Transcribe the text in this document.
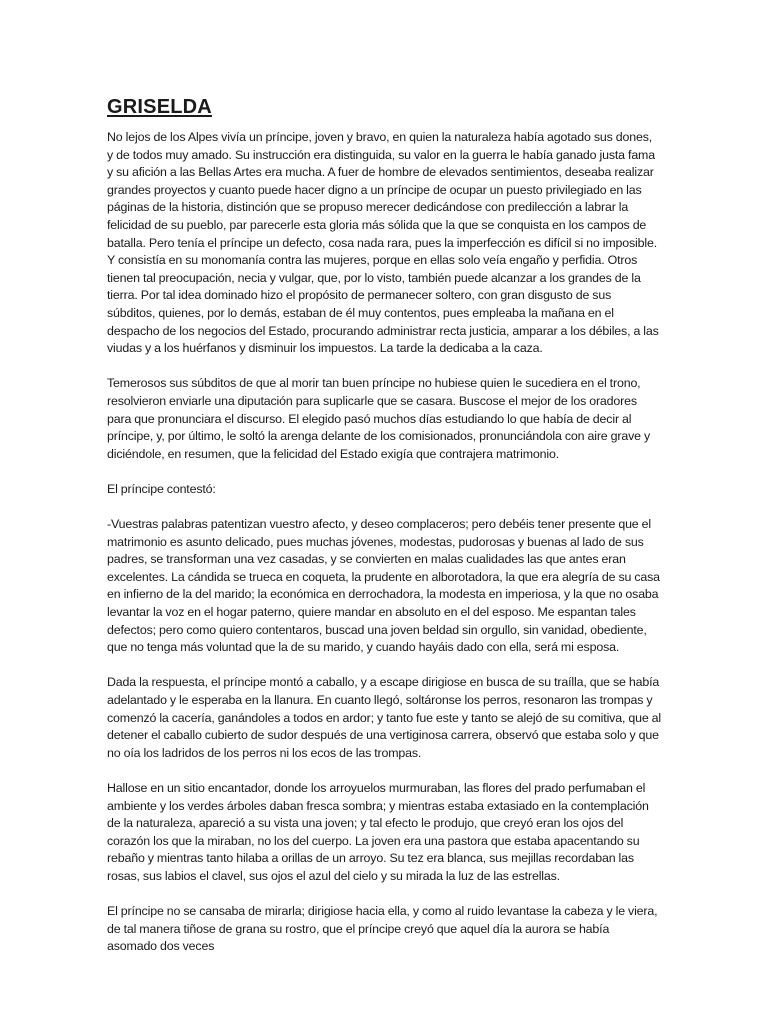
GRISELDA

No lejos de los Alpes vivía un príncipe, joven y bravo, en quien la naturaleza había agotado sus dones, y de todos muy amado. Su instrucción era distinguida, su valor en la guerra le había ganado justa fama y su afición a las Bellas Artes era mucha. A fuer de hombre de elevados sentimientos, deseaba realizar grandes proyectos y cuanto puede hacer digno a un príncipe de ocupar un puesto privilegiado en las páginas de la historia, distinción que se propuso merecer dedicándose con predilección a labrar la felicidad de su pueblo, par parecerle esta gloria más sólida que la que se conquista en los campos de batalla. Pero tenía el príncipe un defecto, cosa nada rara, pues la imperfección es difícil si no imposible. Y consistía en su monomanía contra las mujeres, porque en ellas solo veía engaño y perfidia. Otros tienen tal preocupación, necia y vulgar, que, por lo visto, también puede alcanzar a los grandes de la tierra. Por tal idea dominado hizo el propósito de permanecer soltero, con gran disgusto de sus súbditos, quienes, por lo demás, estaban de él muy contentos, pues empleaba la mañana en el despacho de los negocios del Estado, procurando administrar recta justicia, amparar a los débiles, a las viudas y a los huérfanos y disminuir los impuestos. La tarde la dedicaba a la caza.

Temerosos sus súbditos de que al morir tan buen príncipe no hubiese quien le sucediera en el trono, resolvieron enviarle una diputación para suplicarle que se casara. Buscose el mejor de los oradores para que pronunciara el discurso. El elegido pasó muchos días estudiando lo que había de decir al príncipe, y, por último, le soltó la arenga delante de los comisionados, pronunciándola con aire grave y diciéndole, en resumen, que la felicidad del Estado exigía que contrajera matrimonio.

El príncipe contestó:

-Vuestras palabras patentizan vuestro afecto, y deseo complaceros; pero debéis tener presente que el matrimonio es asunto delicado, pues muchas jóvenes, modestas, pudorosas y buenas al lado de sus padres, se transforman una vez casadas, y se convierten en malas cualidades las que antes eran excelentes. La cándida se trueca en coqueta, la prudente en alborotadora, la que era alegría de su casa en infierno de la del marido; la económica en derrochadora, la modesta en imperiosa, y la que no osaba levantar la voz en el hogar paterno, quiere mandar en absoluto en el del esposo. Me espantan tales defectos; pero como quiero contentaros, buscad una joven beldad sin orgullo, sin vanidad, obediente, que no tenga más voluntad que la de su marido, y cuando hayáis dado con ella, será mi esposa.

Dada la respuesta, el príncipe montó a caballo, y a escape dirigiose en busca de su traílla, que se había adelantado y le esperaba en la llanura. En cuanto llegó, soltáronse los perros, resonaron las trompas y comenzó la cacería, ganándoles a todos en ardor; y tanto fue este y tanto se alejó de su comitiva, que al detener el caballo cubierto de sudor después de una vertiginosa carrera, observó que estaba solo y que no oía los ladridos de los perros ni los ecos de las trompas.

Hallose en un sitio encantador, donde los arroyuelos murmuraban, las flores del prado perfumaban el ambiente y los verdes árboles daban fresca sombra; y mientras estaba extasiado en la contemplación de la naturaleza, apareció a su vista una joven; y tal efecto le produjo, que creyó eran los ojos del corazón los que la miraban, no los del cuerpo. La joven era una pastora que estaba apacentando su rebaño y mientras tanto hilaba a orillas de un arroyo. Su tez era blanca, sus mejillas recordaban las rosas, sus labios el clavel, sus ojos el azul del cielo y su mirada la luz de las estrellas.

El príncipe no se cansaba de mirarla; dirigiose hacia ella, y como al ruido levantase la cabeza y le viera, de tal manera tiñose de grana su rostro, que el príncipe creyó que aquel día la aurora se había asomado dos veces
